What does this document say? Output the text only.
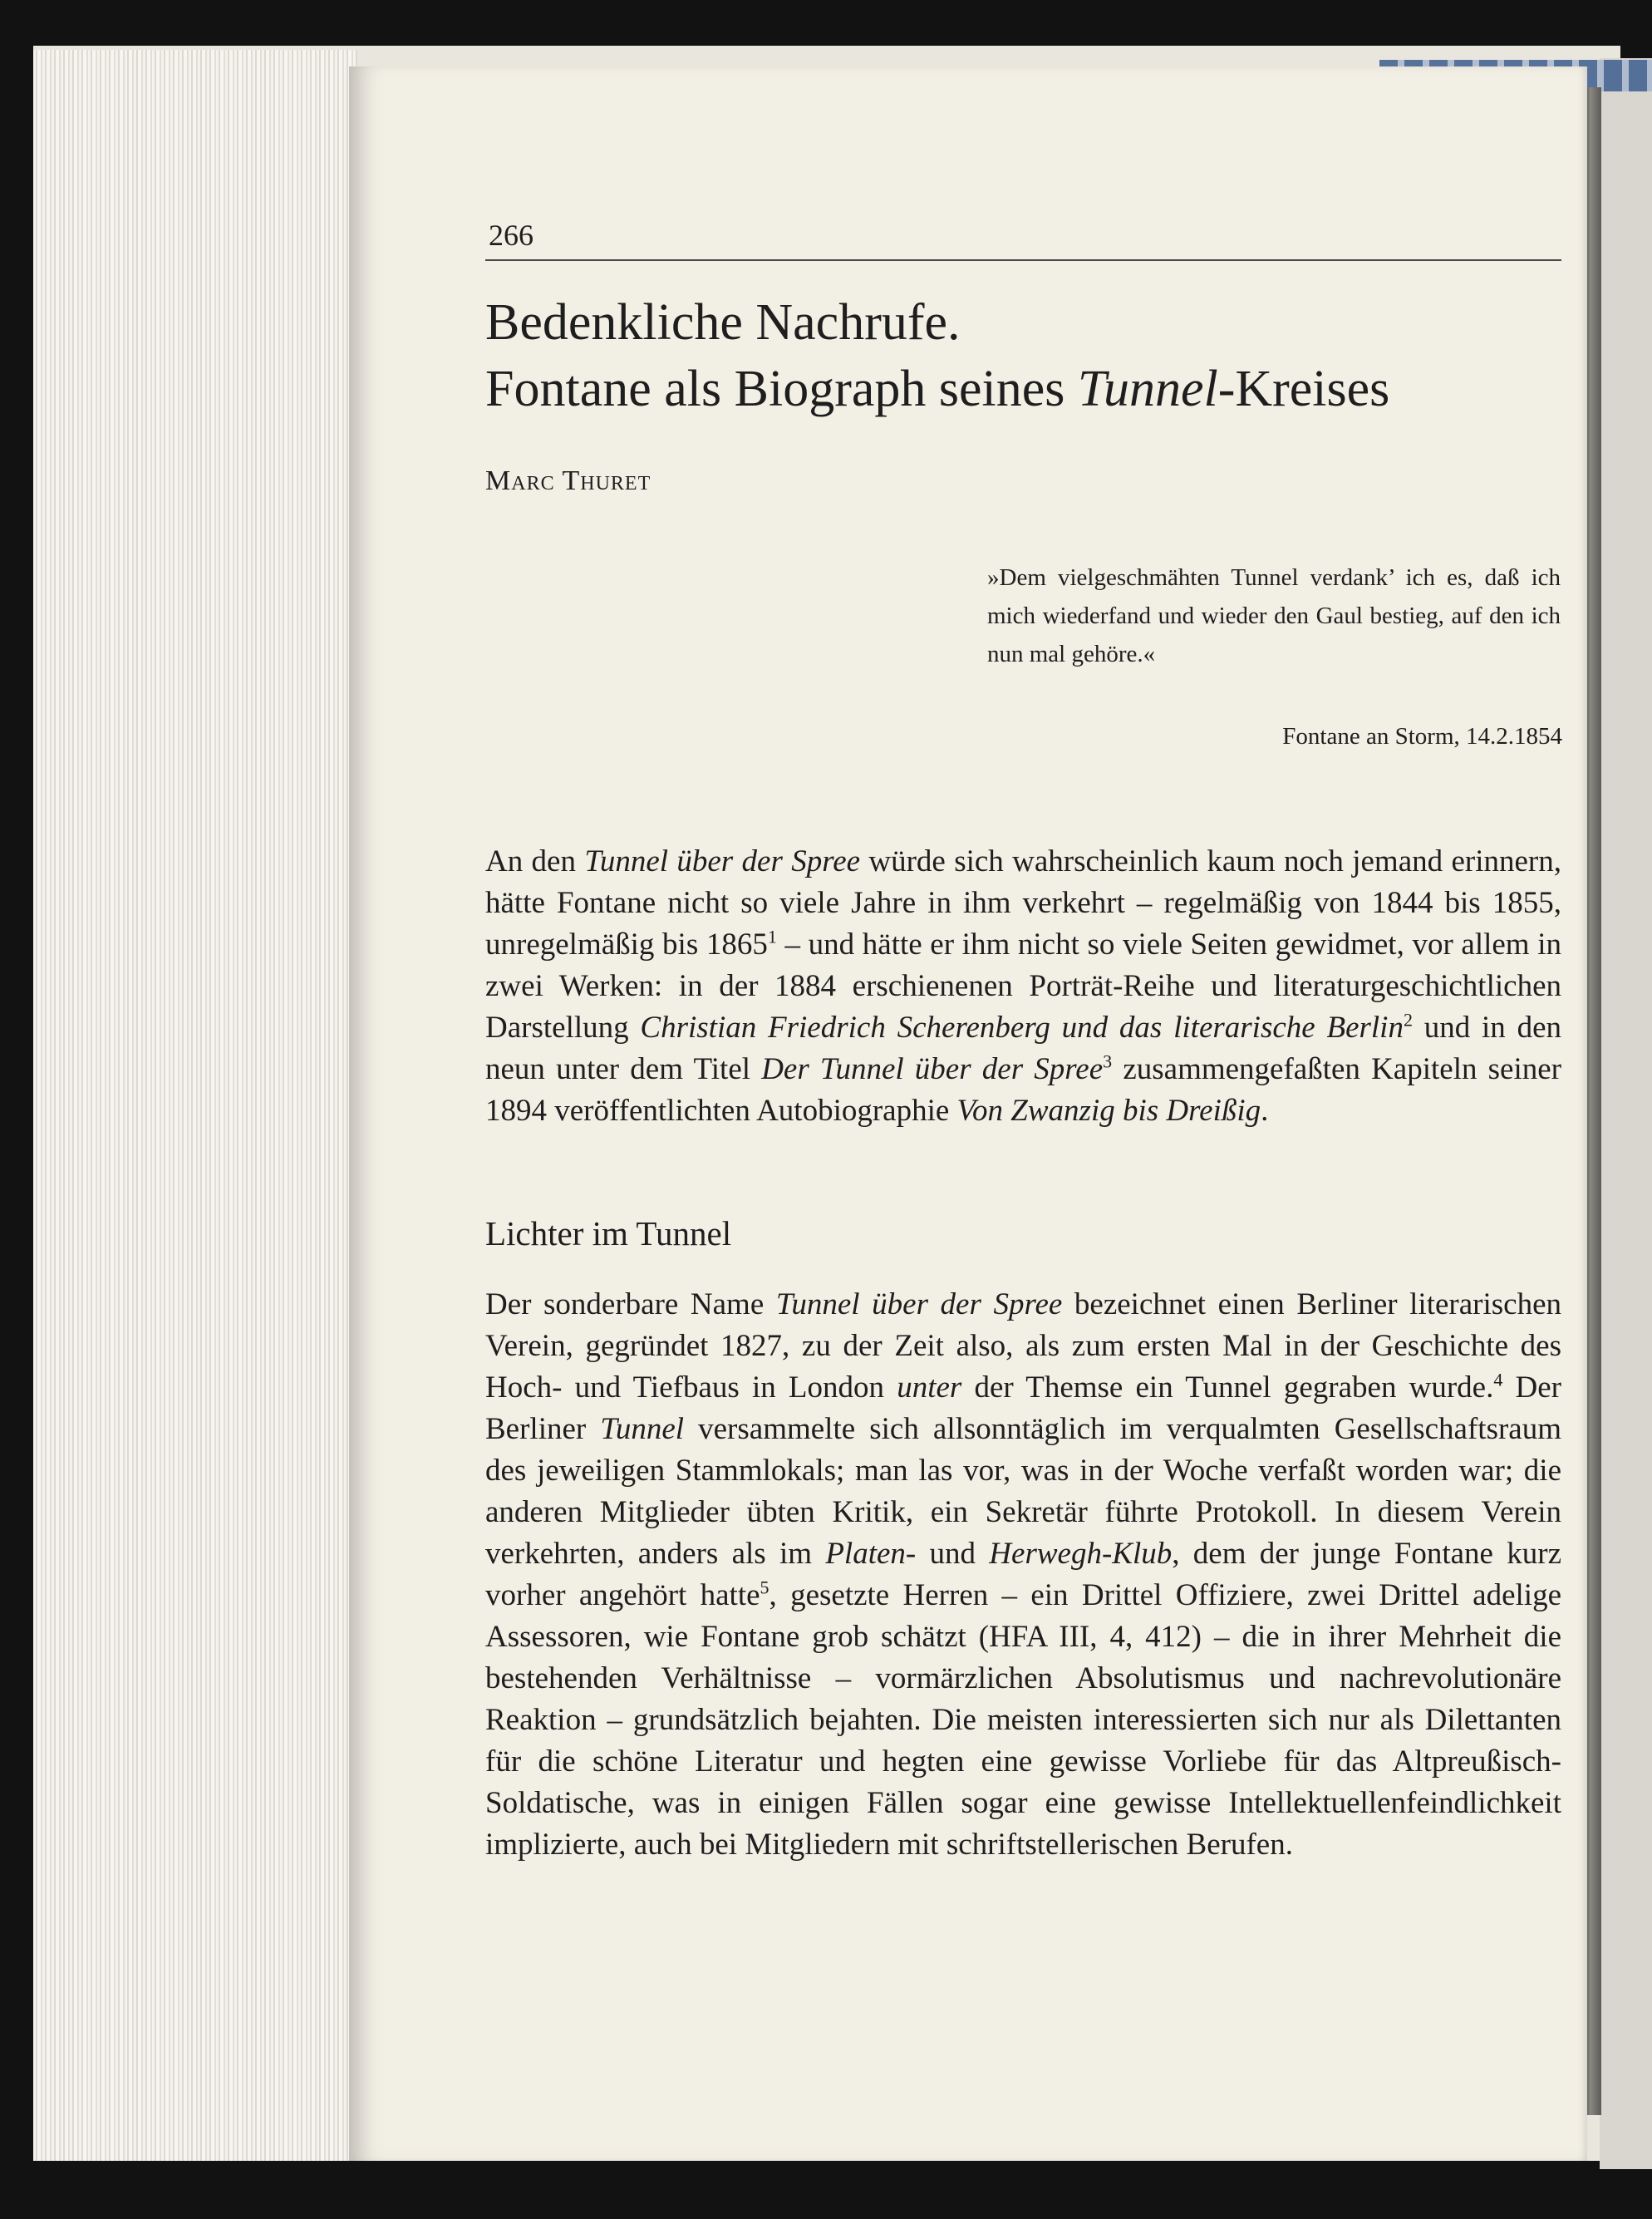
266
Bedenkliche Nachrufe.
Fontane als Biograph seines Tunnel-Kreises
Marc Thuret
»Dem vielgeschmähten Tunnel verdank’ ich es, daß ich mich wiederfand und wieder den Gaul bestieg, auf den ich nun mal gehöre.«
Fontane an Storm, 14.2.1854

An den Tunnel über der Spree würde sich wahrscheinlich kaum noch jemand erinnern, hätte Fontane nicht so viele Jahre in ihm verkehrt – regelmäßig von 1844 bis 1855, unregelmäßig bis 1865$^1$ – und hätte er ihm nicht so viele Seiten gewidmet, vor allem in zwei Werken: in der 1884 erschienenen Porträt-Reihe und literaturgeschichtlichen Darstellung Christian Friedrich Scherenberg und das literarische Berlin$^2$ und in den neun unter dem Titel Der Tunnel über der Spree$^3$ zusammengefaßten Kapiteln seiner 1894 veröffentlichten Autobiographie Von Zwanzig bis Dreißig.

Lichter im Tunnel

Der sonderbare Name Tunnel über der Spree bezeichnet einen Berliner literarischen Verein, gegründet 1827, zu der Zeit also, als zum ersten Mal in der Geschichte des Hoch- und Tiefbaus in London unter der Themse ein Tunnel gegraben wurde.$^4$ Der Berliner Tunnel versammelte sich allsonntäglich im verqualmten Gesellschaftsraum des jeweiligen Stammlokals; man las vor, was in der Woche verfaßt worden war; die anderen Mitglieder übten Kritik, ein Sekretär führte Protokoll. In diesem Verein verkehrten, anders als im Platen- und Herwegh-Klub, dem der junge Fontane kurz vorher angehört hatte$^5$, gesetzte Herren – ein Drittel Offiziere, zwei Drittel adelige Assessoren, wie Fontane grob schätzt (HFA III, 4, 412) – die in ihrer Mehrheit die bestehenden Verhältnisse – vormärzlichen Absolutismus und nachrevolutionäre Reaktion – grundsätzlich bejahten. Die meisten interessierten sich nur als Dilettanten für die schöne Literatur und hegten eine gewisse Vorliebe für das Altpreußisch-Soldatische, was in einigen Fällen sogar eine gewisse Intellektuellenfeindlichkeit implizierte, auch bei Mitgliedern mit schriftstellerischen Berufen.
